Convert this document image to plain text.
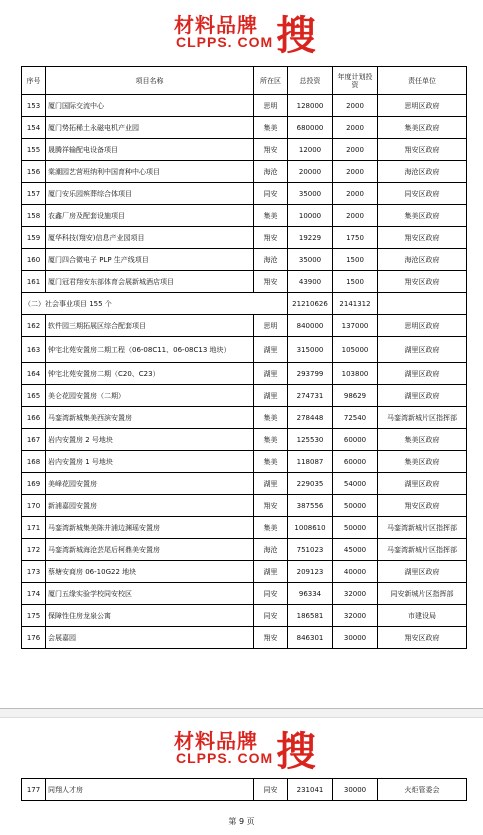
材料品牌
CLPPS. COM 搜
序号	项目名称	所在区	总投资	年度计划投资	责任单位
153	厦门国际交流中心	思明	128000	2000	思明区政府
154	厦门势拓稀土永磁电机产业园	集美	680000	2000	集美区政府
155	晟腾祥输配电设备项目	翔安	12000	2000	翔安区政府
156	棠潮园艺营班纳利中国育种中心项目	海沧	20000	2000	海沧区政府
157	厦门安乐园殡葬综合体项目	同安	35000	2000	同安区政府
158	农鑫厂房及配套设施项目	集美	10000	2000	集美区政府
159	厦华科技(翔安)信息产业园项目	翔安	19229	1750	翔安区政府
160	厦门四合微电子 PLP 生产线项目	海沧	35000	1500	海沧区政府
161	厦门冠君翔安东部体育会展新城酒店项目	翔安	43900	1500	翔安区政府
（二）社会事业项目 155 个			21210626	2141312	
162	软件园三期拓展区综合配套项目	思明	840000	137000	思明区政府
163	钟宅北苑安置房二期工程（06-08C11、06-08C13 地块）	湖里	315000	105000	湖里区政府
164	钟宅北苑安置房二期（C20、C23）	湖里	293799	103800	湖里区政府
165	美仑花园安置房（二期）	湖里	274731	98629	湖里区政府
166	马銮湾新城集美西滨安置房	集美	278448	72540	马銮湾新城片区指挥部
167	岩内安置房 2 号地块	集美	125530	60000	集美区政府
168	岩内安置房 1 号地块	集美	118087	60000	集美区政府
169	美峰花园安置房	湖里	229035	54000	湖里区政府
170	新浦嘉园安置房	翔安	387556	50000	翔安区政府
171	马銮湾新城集美陈井浦边渊瑶安置房	集美	1008610	50000	马銮湾新城片区指挥部
172	马銮湾新城海沧芸尾后柯鼎美安置房	海沧	751023	45000	马銮湾新城片区指挥部
173	蔡塘安商房 06-10G22 地块	湖里	209123	40000	湖里区政府
174	厦门五缘实验学校同安校区	同安	96334	32000	同安新城片区指挥部
175	保障性住房龙泉公寓	同安	186581	32000	市建设局
176	会展嘉园	翔安	846301	30000	翔安区政府
材料品牌
CLPPS. COM 搜
177	同翔人才房	同安	231041	30000	火炬管委会
第 9 页
